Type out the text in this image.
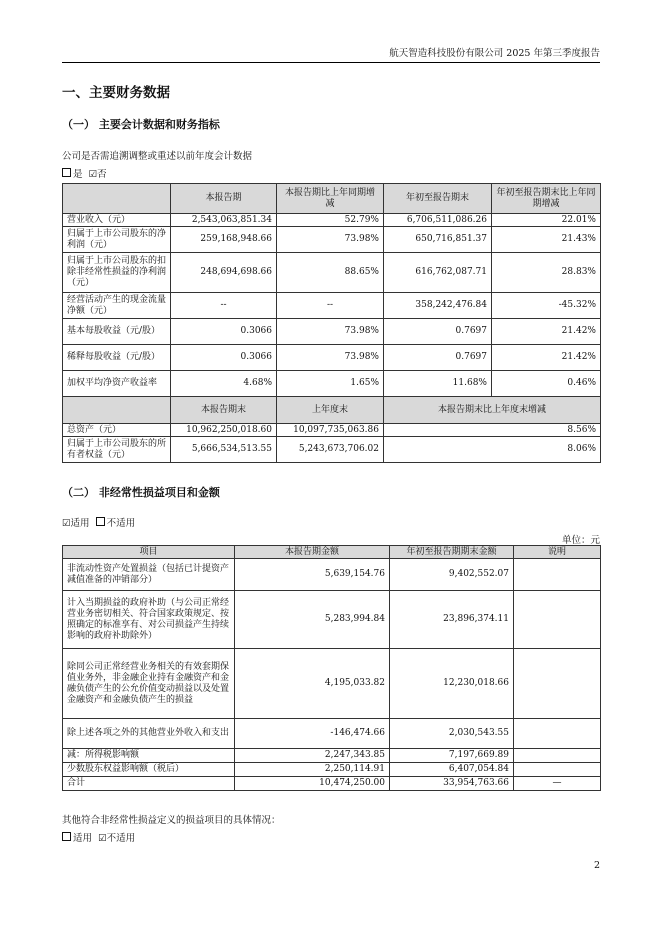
航天智造科技股份有限公司 2025 年第三季度报告
一、主要财务数据
（一） 主要会计数据和财务指标
公司是否需追溯调整或重述以前年度会计数据
是 ☑否
	本报告期	本报告期比上年同期增减	年初至报告期末	年初至报告期末比上年同期增减
营业收入（元）	2,543,063,851.34	52.79%	6,706,511,086.26	22.01%
归属于上市公司股东的净利润（元）	259,168,948.66	73.98%	650,716,851.37	21.43%
归属于上市公司股东的扣除非经常性损益的净利润（元）	248,694,698.66	88.65%	616,762,087.71	28.83%
经营活动产生的现金流量净额（元）	--	--	358,242,476.84	-45.32%
基本每股收益（元/股）	0.3066	73.98%	0.7697	21.42%
稀释每股收益（元/股）	0.3066	73.98%	0.7697	21.42%
加权平均净资产收益率	4.68%	1.65%	11.68%	0.46%
	本报告期末	上年度末	本报告期末比上年度末增减	
总资产（元）	10,962,250,018.60	10,097,735,063.86	8.56%	
归属于上市公司股东的所有者权益（元）	5,666,534,513.55	5,243,673,706.02	8.06%	
（二） 非经常性损益项目和金额
☑适用 不适用
单位：元
项目	本报告期金额	年初至报告期期末金额	说明
非流动性资产处置损益（包括已计提资产减值准备的冲销部分）	5,639,154.76	9,402,552.07	
计入当期损益的政府补助（与公司正常经营业务密切相关、符合国家政策规定、按照确定的标准享有、对公司损益产生持续影响的政府补助除外）	5,283,994.84	23,896,374.11	
除同公司正常经营业务相关的有效套期保值业务外，非金融企业持有金融资产和金融负债产生的公允价值变动损益以及处置金融资产和金融负债产生的损益	4,195,033.82	12,230,018.66	
除上述各项之外的其他营业外收入和支出	-146,474.66	2,030,543.55	
减：所得税影响额	2,247,343.85	7,197,669.89	
少数股东权益影响额（税后）	2,250,114.91	6,407,054.84	
合计	10,474,250.00	33,954,763.66	—
其他符合非经常性损益定义的损益项目的具体情况：
适用 ☑不适用
2
